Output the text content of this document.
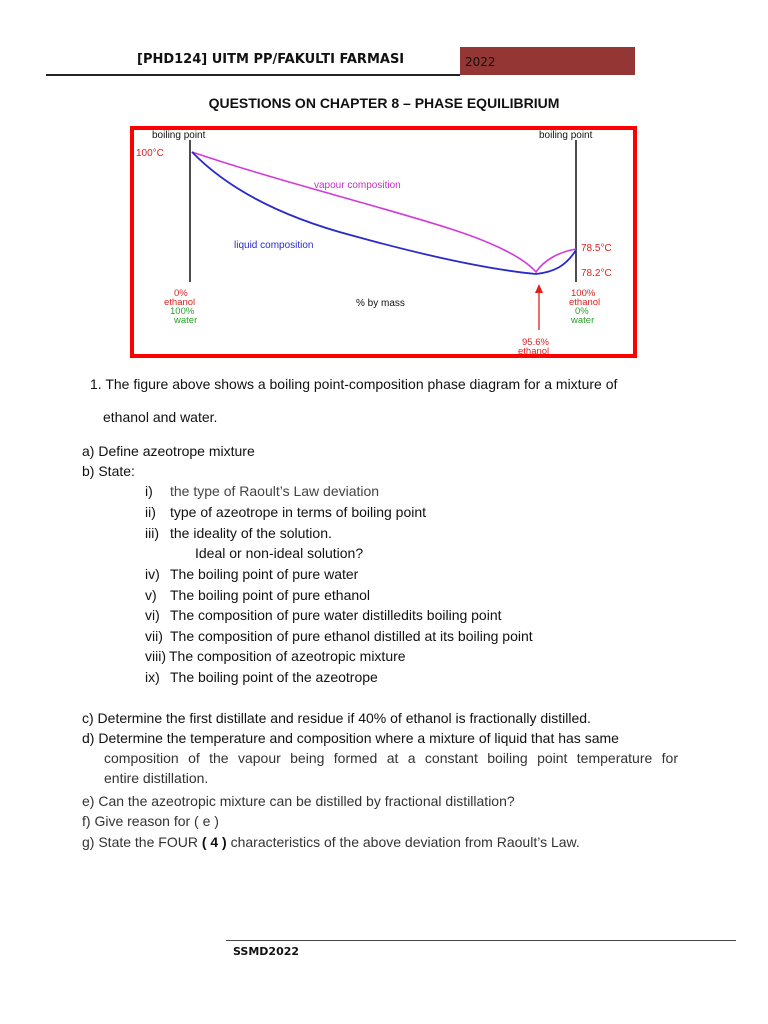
[PHD124] UITM PP/FAKULTI FARMASI	2022
QUESTIONS ON CHAPTER 8 – PHASE EQUILIBRIUM
boiling point	boiling point
100°C
vapour composition
liquid composition	78.5°C
78.2°C
0%
ethanol
100%
water
% by mass
100%
ethanol
0%
water
95.6%
ethanol
1. The figure above shows a boiling point-composition phase diagram for a mixture of
ethanol and water.
a) Define azeotrope mixture
b) State:
i) the type of Raoult’s Law deviation
ii) type of azeotrope in terms of boiling point
iii) the ideality of the solution.
Ideal or non-ideal solution?
iv) The boiling point of pure water
v) The boiling point of pure ethanol
vi) The composition of pure water distilledits boiling point
vii) The composition of pure ethanol distilled at its boiling point
viii) The composition of azeotropic mixture
ix) The boiling point of the azeotrope
c) Determine the first distillate and residue if 40% of ethanol is fractionally distilled.
d) Determine the temperature and composition where a mixture of liquid that has same
composition of the vapour being formed at a constant boiling point temperature for
entire distillation.
e) Can the azeotropic mixture can be distilled by fractional distillation?
f) Give reason for ( e )
g) State the FOUR ( 4 ) characteristics of the above deviation from Raoult’s Law.
SSMD2022
